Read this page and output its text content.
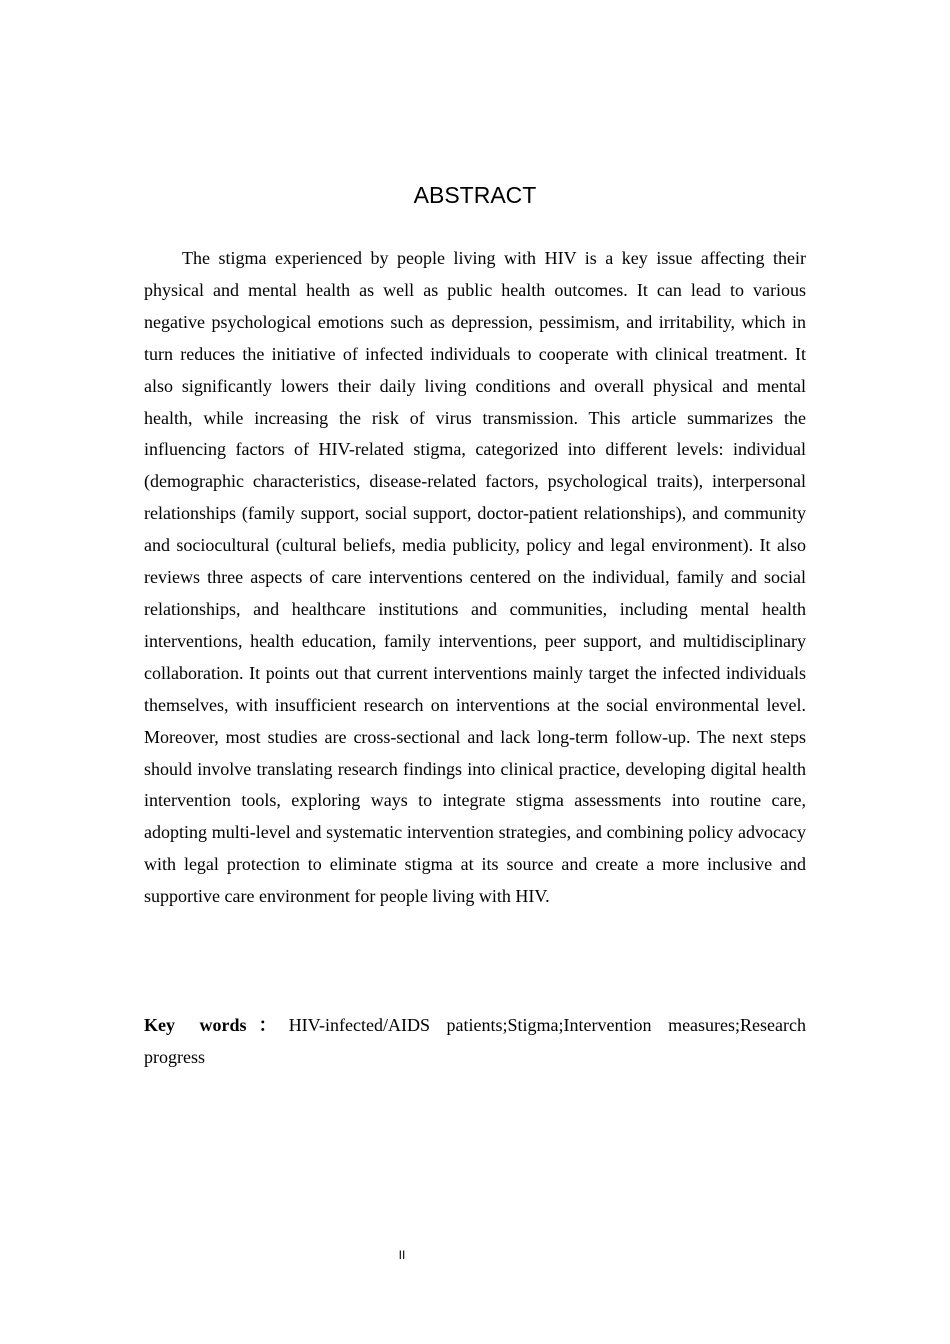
ABSTRACT

The stigma experienced by people living with HIV is a key issue affecting their physical and mental health as well as public health outcomes. It can lead to various negative psychological emotions such as depression, pessimism, and irritability, which in turn reduces the initiative of infected individuals to cooperate with clinical treatment. It also significantly lowers their daily living conditions and overall physical and mental health, while increasing the risk of virus transmission. This article summarizes the influencing factors of HIV-related stigma, categorized into different levels: individual (demographic characteristics, disease-related factors, psychological traits), interpersonal relationships (family support, social support, doctor-patient relationships), and community and sociocultural (cultural beliefs, media publicity, policy and legal environment). It also reviews three aspects of care interventions centered on the individual, family and social relationships, and healthcare institutions and communities, including mental health interventions, health education, family interventions, peer support, and multidisciplinary collaboration. It points out that current interventions mainly target the infected individuals themselves, with insufficient research on interventions at the social environmental level. Moreover, most studies are cross-sectional and lack long-term follow-up. The next steps should involve translating research findings into clinical practice, developing digital health intervention tools, exploring ways to integrate stigma assessments into routine care, adopting multi-level and systematic intervention strategies, and combining policy advocacy with legal protection to eliminate stigma at its source and create a more inclusive and supportive care environment for people living with HIV.

Key words：HIV-infected/AIDS patients;Stigma;Intervention measures;Research progress

II
